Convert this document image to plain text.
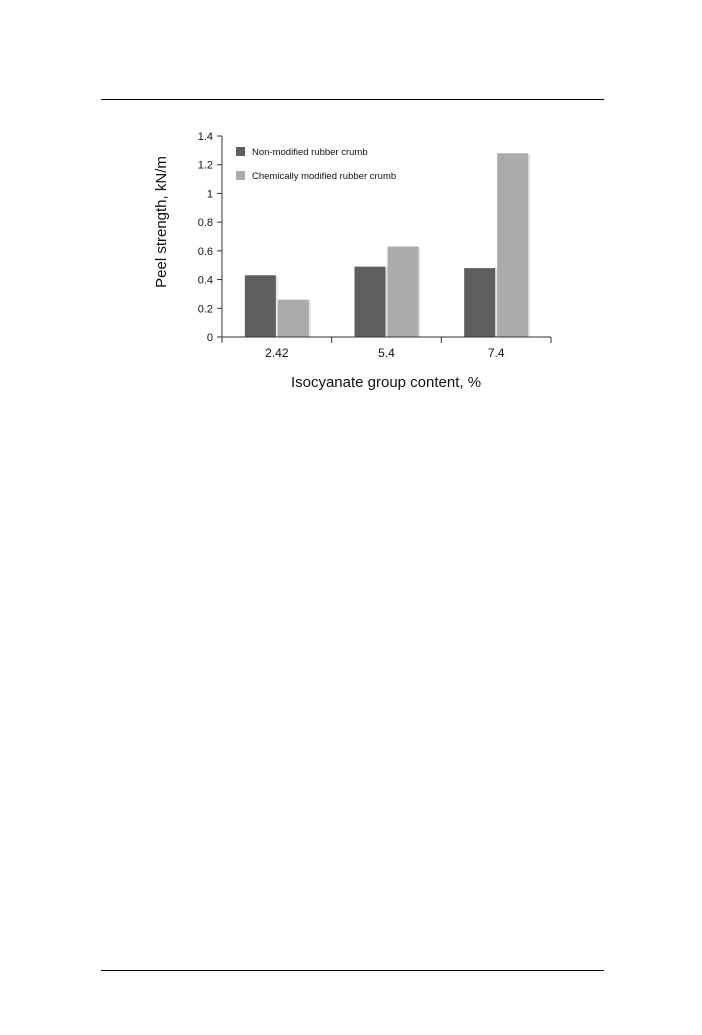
0
0.2
0.4
0.6
0.8
1
1.2
1.4
2.42	5.4	7.4
Non-modified rubber crumb
Chemically modified rubber crumb
Peel strength, kN/m
Isocyanate group content, %
